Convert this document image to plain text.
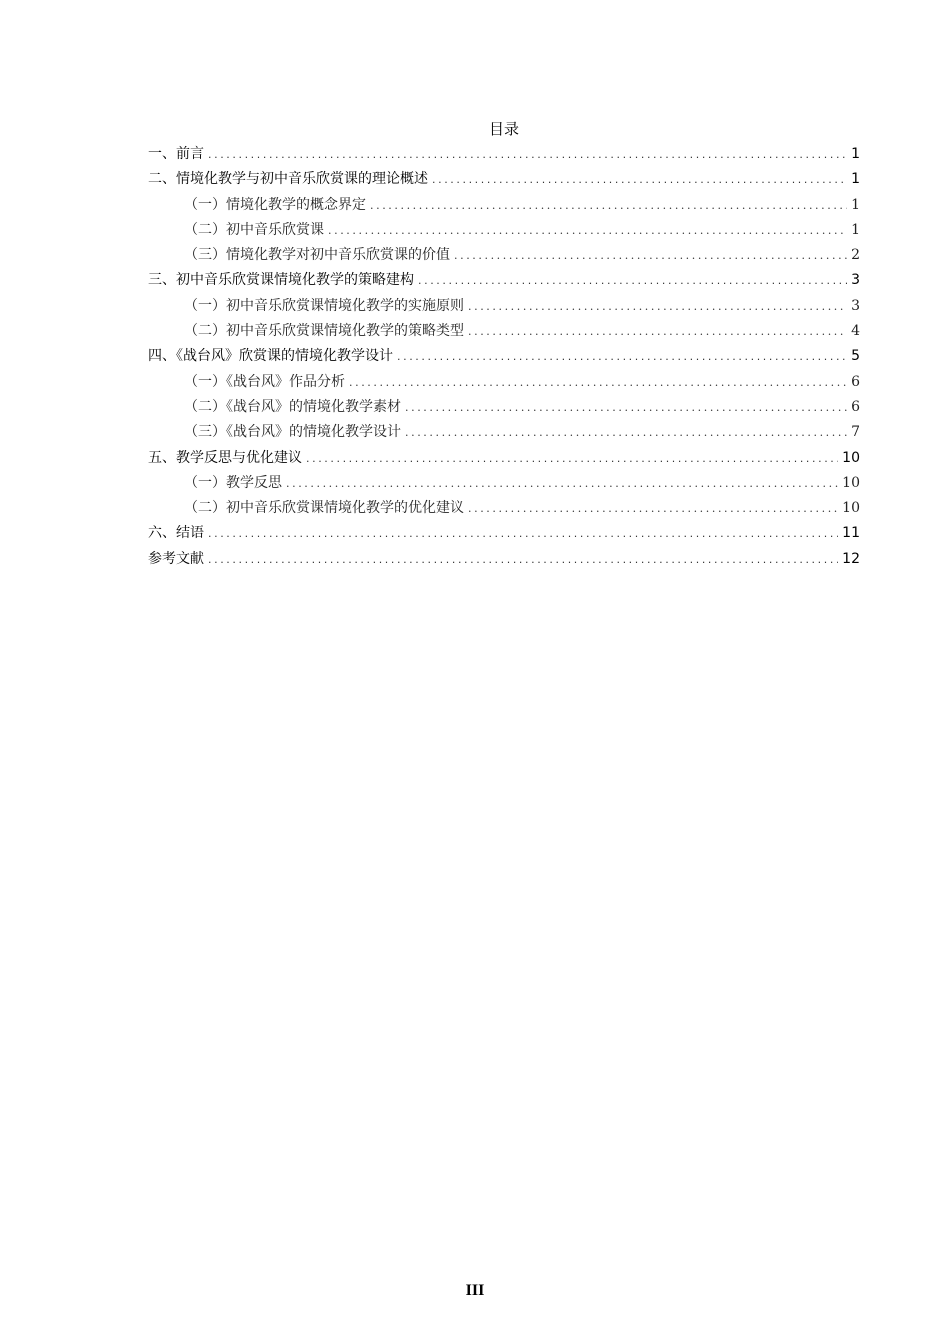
目录
一、前言 .....	1
二、情境化教学与初中音乐欣赏课的理论概述 .....	1
（一）情境化教学的概念界定 .....	1
（二）初中音乐欣赏课 .....	1
（三）情境化教学对初中音乐欣赏课的价值 .....	2
三、初中音乐欣赏课情境化教学的策略建构 .....	3
（一）初中音乐欣赏课情境化教学的实施原则 .....	3
（二）初中音乐欣赏课情境化教学的策略类型 .....	4
四、《战台风》欣赏课的情境化教学设计 .....	5
（一）《战台风》作品分析 .....	6
（二）《战台风》的情境化教学素材 .....	6
（三）《战台风》的情境化教学设计 .....	7
五、教学反思与优化建议 .....	10
（一）教学反思 .....	10
（二）初中音乐欣赏课情境化教学的优化建议 .....	10
六、结语 .....	11
参考文献 .....	12
III
